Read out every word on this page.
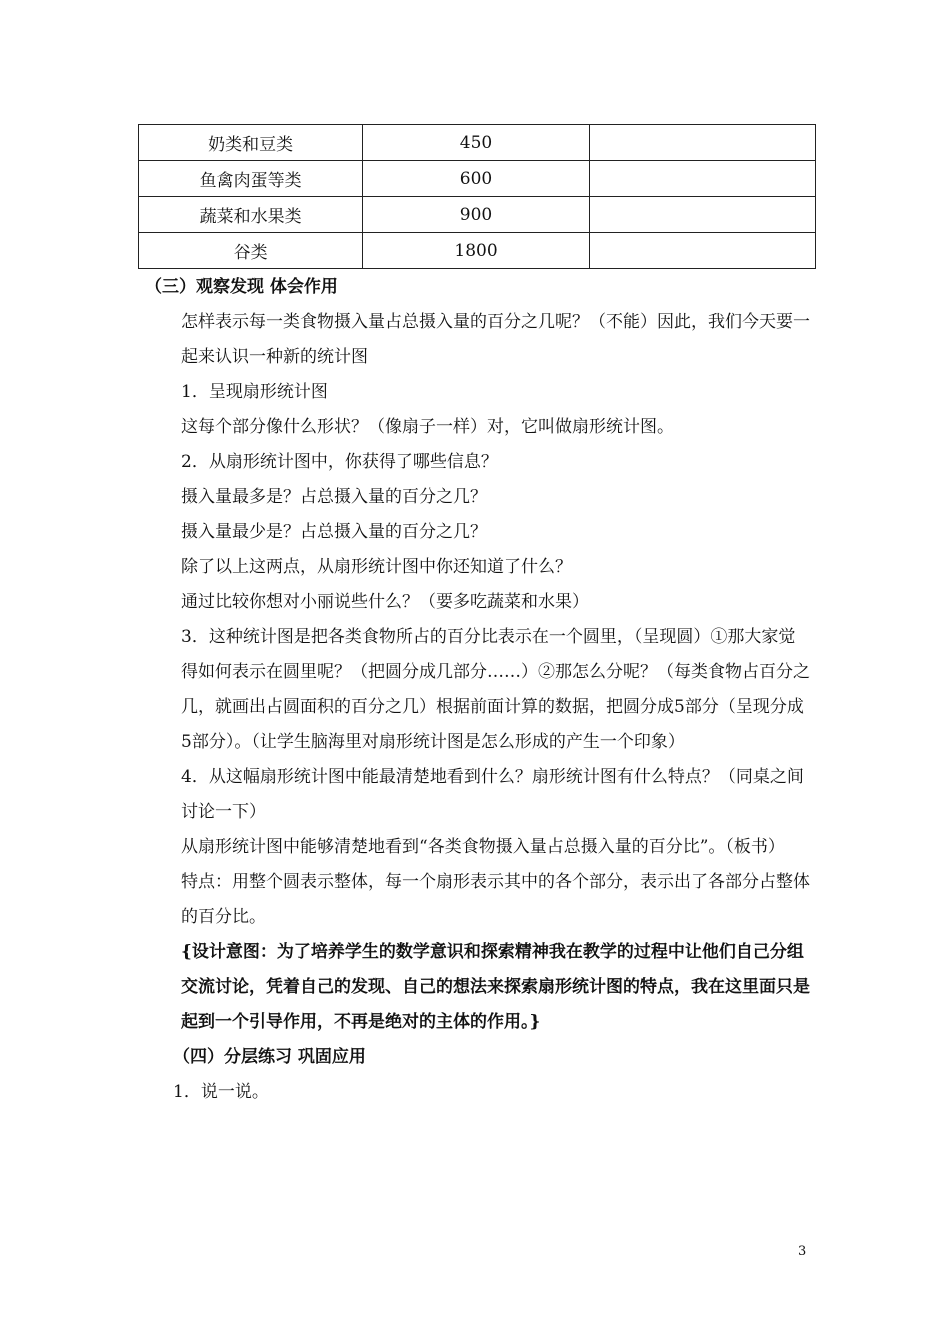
奶类和豆类	450	
鱼禽肉蛋等类	600	
蔬菜和水果类	900	
谷类	1800	

（三）观察发现 体会作用

怎样表示每一类食物摄入量占总摄入量的百分之几呢？（不能）因此，我们今天要一起来认识一种新的统计图

1．呈现扇形统计图

这每个部分像什么形状？（像扇子一样）对，它叫做扇形统计图。

2．从扇形统计图中，你获得了哪些信息？

摄入量最多是？占总摄入量的百分之几？

摄入量最少是？占总摄入量的百分之几？

除了以上这两点，从扇形统计图中你还知道了什么？

通过比较你想对小丽说些什么？（要多吃蔬菜和水果）

3．这种统计图是把各类食物所占的百分比表示在一个圆里，（呈现圆）①那大家觉得如何表示在圆里呢？（把圆分成几部分……）②那怎么分呢？（每类食物占百分之几，就画出占圆面积的百分之几）根据前面计算的数据，把圆分成5部分（呈现分成5部分）。（让学生脑海里对扇形统计图是怎么形成的产生一个印象）

4．从这幅扇形统计图中能最清楚地看到什么？扇形统计图有什么特点？（同桌之间讨论一下）

从扇形统计图中能够清楚地看到“各类食物摄入量占总摄入量的百分比”。（板书）

特点：用整个圆表示整体，每一个扇形表示其中的各个部分，表示出了各部分占整体的百分比。

{设计意图：为了培养学生的数学意识和探索精神我在教学的过程中让他们自己分组交流讨论，凭着自己的发现、自己的想法来探索扇形统计图的特点，我在这里面只是起到一个引导作用，不再是绝对的主体的作用。}

（四）分层练习 巩固应用

1．说一说。

3
